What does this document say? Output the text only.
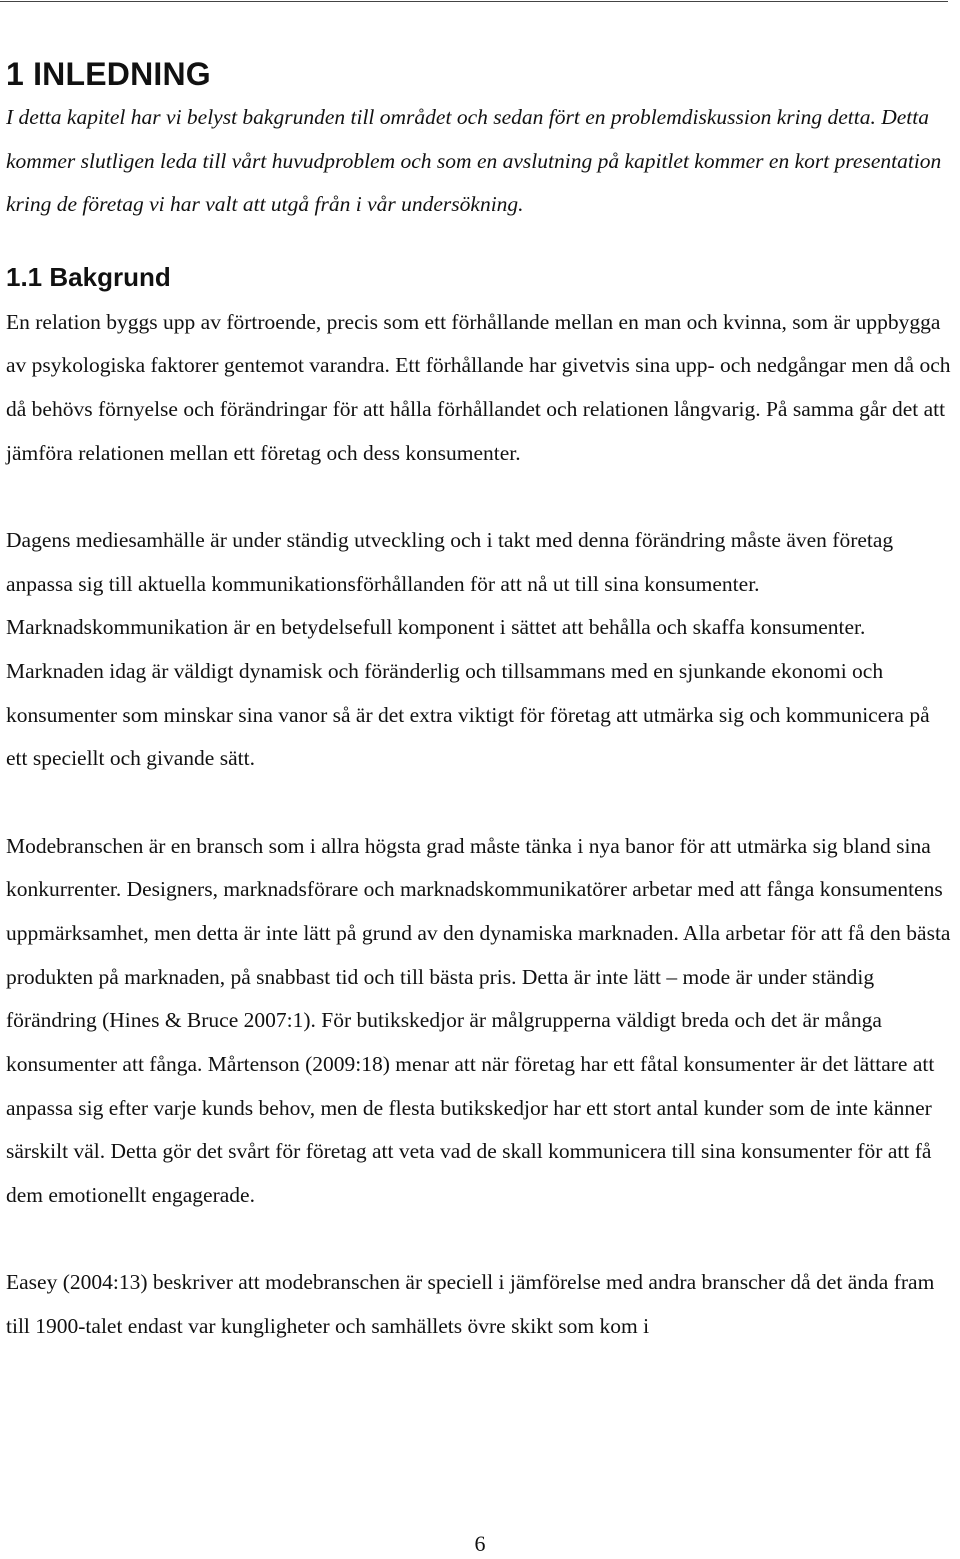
1 INLEDNING

I detta kapitel har vi belyst bakgrunden till området och sedan fört en problemdiskussion kring detta. Detta kommer slutligen leda till vårt huvudproblem och som en avslutning på kapitlet kommer en kort presentation kring de företag vi har valt att utgå från i vår undersökning.

1.1 Bakgrund

En relation byggs upp av förtroende, precis som ett förhållande mellan en man och kvinna, som är uppbygga av psykologiska faktorer gentemot varandra. Ett förhållande har givetvis sina upp- och nedgångar men då och då behövs förnyelse och förändringar för att hålla förhållandet och relationen långvarig. På samma går det att jämföra relationen mellan ett företag och dess konsumenter.

Dagens mediesamhälle är under ständig utveckling och i takt med denna förändring måste även företag anpassa sig till aktuella kommunikationsförhållanden för att nå ut till sina konsumenter. Marknadskommunikation är en betydelsefull komponent i sättet att behålla och skaffa konsumenter. Marknaden idag är väldigt dynamisk och föränderlig och tillsammans med en sjunkande ekonomi och konsumenter som minskar sina vanor så är det extra viktigt för företag att utmärka sig och kommunicera på ett speciellt och givande sätt.

Modebranschen är en bransch som i allra högsta grad måste tänka i nya banor för att utmärka sig bland sina konkurrenter. Designers, marknadsförare och marknadskommunikatörer arbetar med att fånga konsumentens uppmärksamhet, men detta är inte lätt på grund av den dynamiska marknaden. Alla arbetar för att få den bästa produkten på marknaden, på snabbast tid och till bästa pris. Detta är inte lätt – mode är under ständig förändring (Hines & Bruce 2007:1). För butikskedjor är målgrupperna väldigt breda och det är många konsumenter att fånga. Mårtenson (2009:18) menar att när företag har ett fåtal konsumenter är det lättare att anpassa sig efter varje kunds behov, men de flesta butikskedjor har ett stort antal kunder som de inte känner särskilt väl. Detta gör det svårt för företag att veta vad de skall kommunicera till sina konsumenter för att få dem emotionellt engagerade.

Easey (2004:13) beskriver att modebranschen är speciell i jämförelse med andra branscher då det ända fram till 1900-talet endast var kungligheter och samhällets övre skikt som kom i

6
